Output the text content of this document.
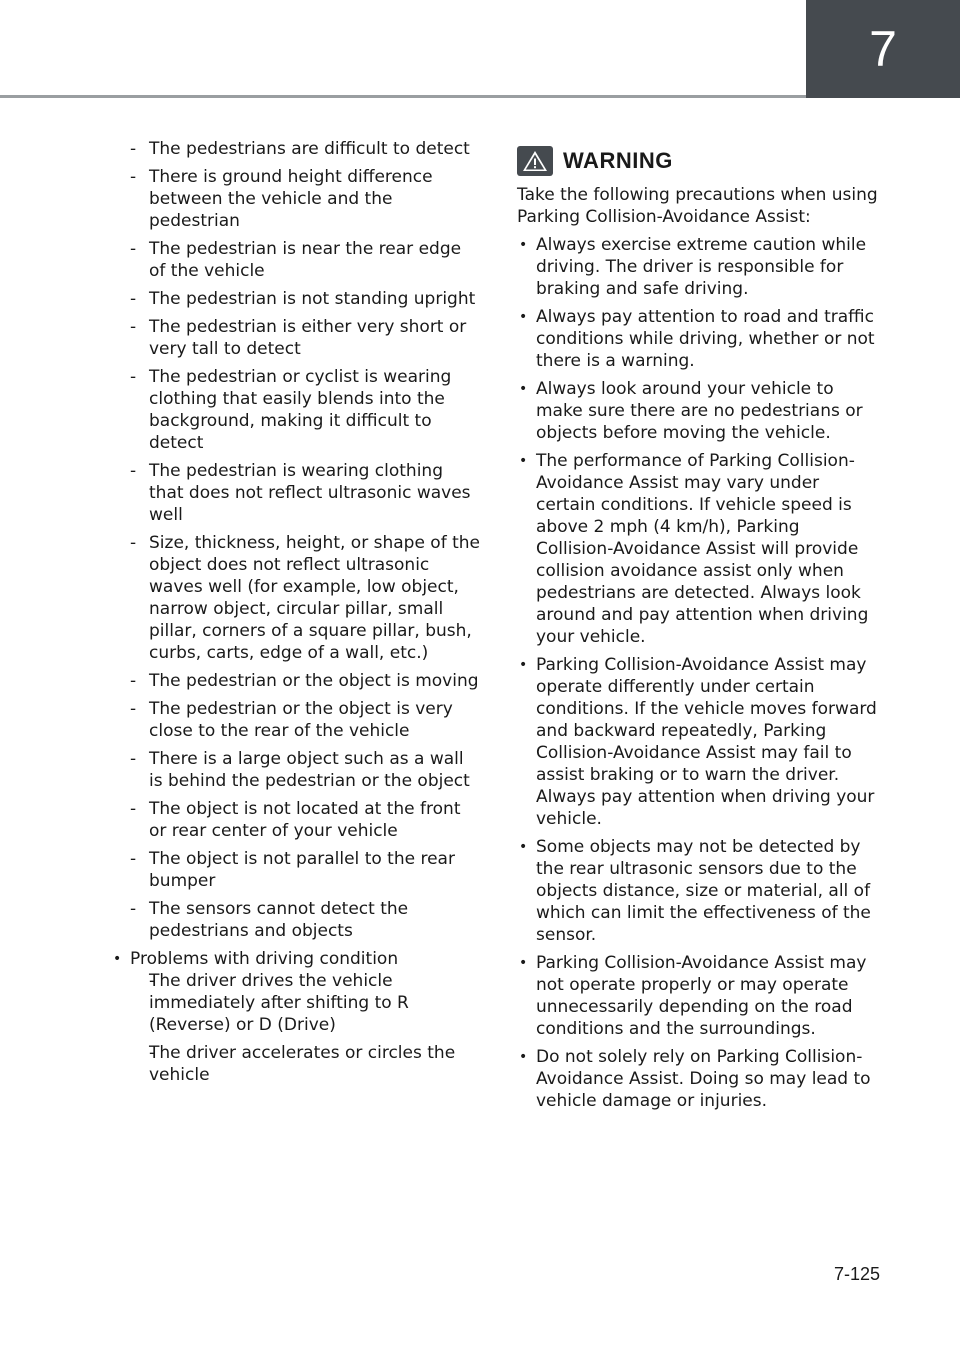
7
- The pedestrians are difficult to detect
- There is ground height difference between the vehicle and the pedestrian
- The pedestrian is near the rear edge of the vehicle
- The pedestrian is not standing upright
- The pedestrian is either very short or very tall to detect
- The pedestrian or cyclist is wearing clothing that easily blends into the background, making it difficult to detect
- The pedestrian is wearing clothing that does not reflect ultrasonic waves well
- Size, thickness, height, or shape of the object does not reflect ultrasonic waves well (for example, low object, narrow object, circular pillar, small pillar, corners of a square pillar, bush, curbs, carts, edge of a wall, etc.)
- The pedestrian or the object is moving
- The pedestrian or the object is very close to the rear of the vehicle
- There is a large object such as a wall is behind the pedestrian or the object
- The object is not located at the front or rear center of your vehicle
- The object is not parallel to the rear bumper
- The sensors cannot detect the pedestrians and objects
• Problems with driving condition
- The driver drives the vehicle immediately after shifting to R (Reverse) or D (Drive)
- The driver accelerates or circles the vehicle
WARNING

Take the following precautions when using Parking Collision-Avoidance Assist:

• Always exercise extreme caution while driving. The driver is responsible for braking and safe driving.
• Always pay attention to road and traffic conditions while driving, whether or not there is a warning.
• Always look around your vehicle to make sure there are no pedestrians or objects before moving the vehicle.
• The performance of Parking Collision-Avoidance Assist may vary under certain conditions. If vehicle speed is above 2 mph (4 km/h), Parking Collision-Avoidance Assist will provide collision avoidance assist only when pedestrians are detected. Always look around and pay attention when driving your vehicle.
• Parking Collision-Avoidance Assist may operate differently under certain conditions. If the vehicle moves forward and backward repeatedly, Parking Collision-Avoidance Assist may fail to assist braking or to warn the driver. Always pay attention when driving your vehicle.
• Some objects may not be detected by the rear ultrasonic sensors due to the objects distance, size or material, all of which can limit the effectiveness of the sensor.
• Parking Collision-Avoidance Assist may not operate properly or may operate unnecessarily depending on the road conditions and the surroundings.
• Do not solely rely on Parking Collision-Avoidance Assist. Doing so may lead to vehicle damage or injuries.
7-125
